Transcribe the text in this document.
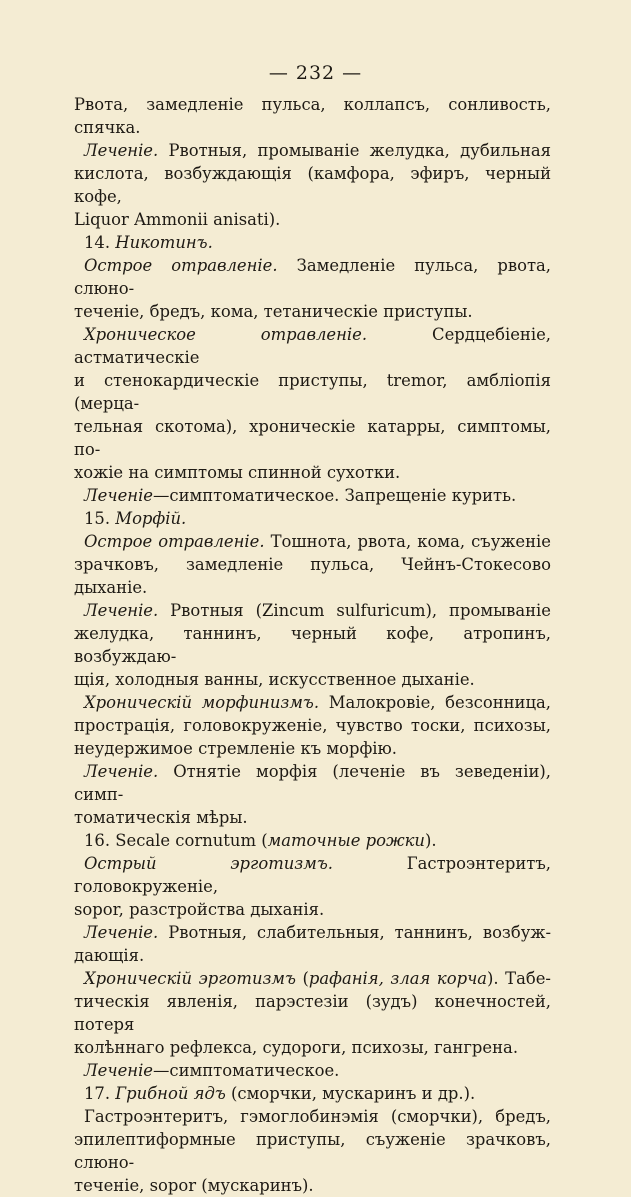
— 232 —

Рвота, замедленіе пульса, коллапсъ, сонливость,

спячка.

Леченіе. Рвотныя, промываніе желудка, дубильная

кислота, возбуждающія (камфора, эфиръ, черный кофе,

Liquor Ammonii anisati).

14. Никотинъ.

Острое отравленіе. Замедленіе пульса, рвота, слюно-

теченіе, бредъ, кома, тетаническіе приступы.

Хроническое отравленіе. Сердцебіеніе, астматическіе

и стенокардическіе приступы, tremor, амбліопія (мерца-

тельная скотома), хроническіе катарры, симптомы, по-

хожіе на симптомы спинной сухотки.

Леченіе—симптоматическое. Запрещеніе курить.

15. Морфій.

Острое отравленіе. Тошнота, рвота, кома, съуженіе

зрачковъ, замедленіе пульса, Чейнъ-Стокесово дыханіе.

Леченіе. Рвотныя (Zincum sulfuricum), промываніе

желудка, таннинъ, черный кофе, атропинъ, возбуждаю-

щія, холодныя ванны, искусственное дыханіе.

Хроническій морфинизмъ. Малокровіе, безсонница,

прострація, головокруженіе, чувство тоски, психозы,

неудержимое стремленіе къ морфію.

Леченіе. Отнятіе морфія (леченіе въ зеведеніи), симп-

томатическія мѣры.

16. Secale cornutum (маточные рожки).

Острый эрготизмъ. Гастроэнтеритъ, головокруженіе,

sopor, разстройства дыханія.

Леченіе. Рвотныя, слабительныя, таннинъ, возбуж-

дающія.

Хроническій эрготизмъ (рафанія, злая корча). Табе-

тическія явленія, парэстезіи (зудъ) конечностей, потеря

колѣннаго рефлекса, судороги, психозы, гангрена.

Леченіе—симптоматическое.

17. Грибной ядъ (сморчки, мускаринъ и др.).

Гастроэнтеритъ, гэмоглобинэмія (сморчки), бредъ,

эпилептиформные приступы, съуженіе зрачковъ, слюно-

теченіе, sopor (мускаринъ).
